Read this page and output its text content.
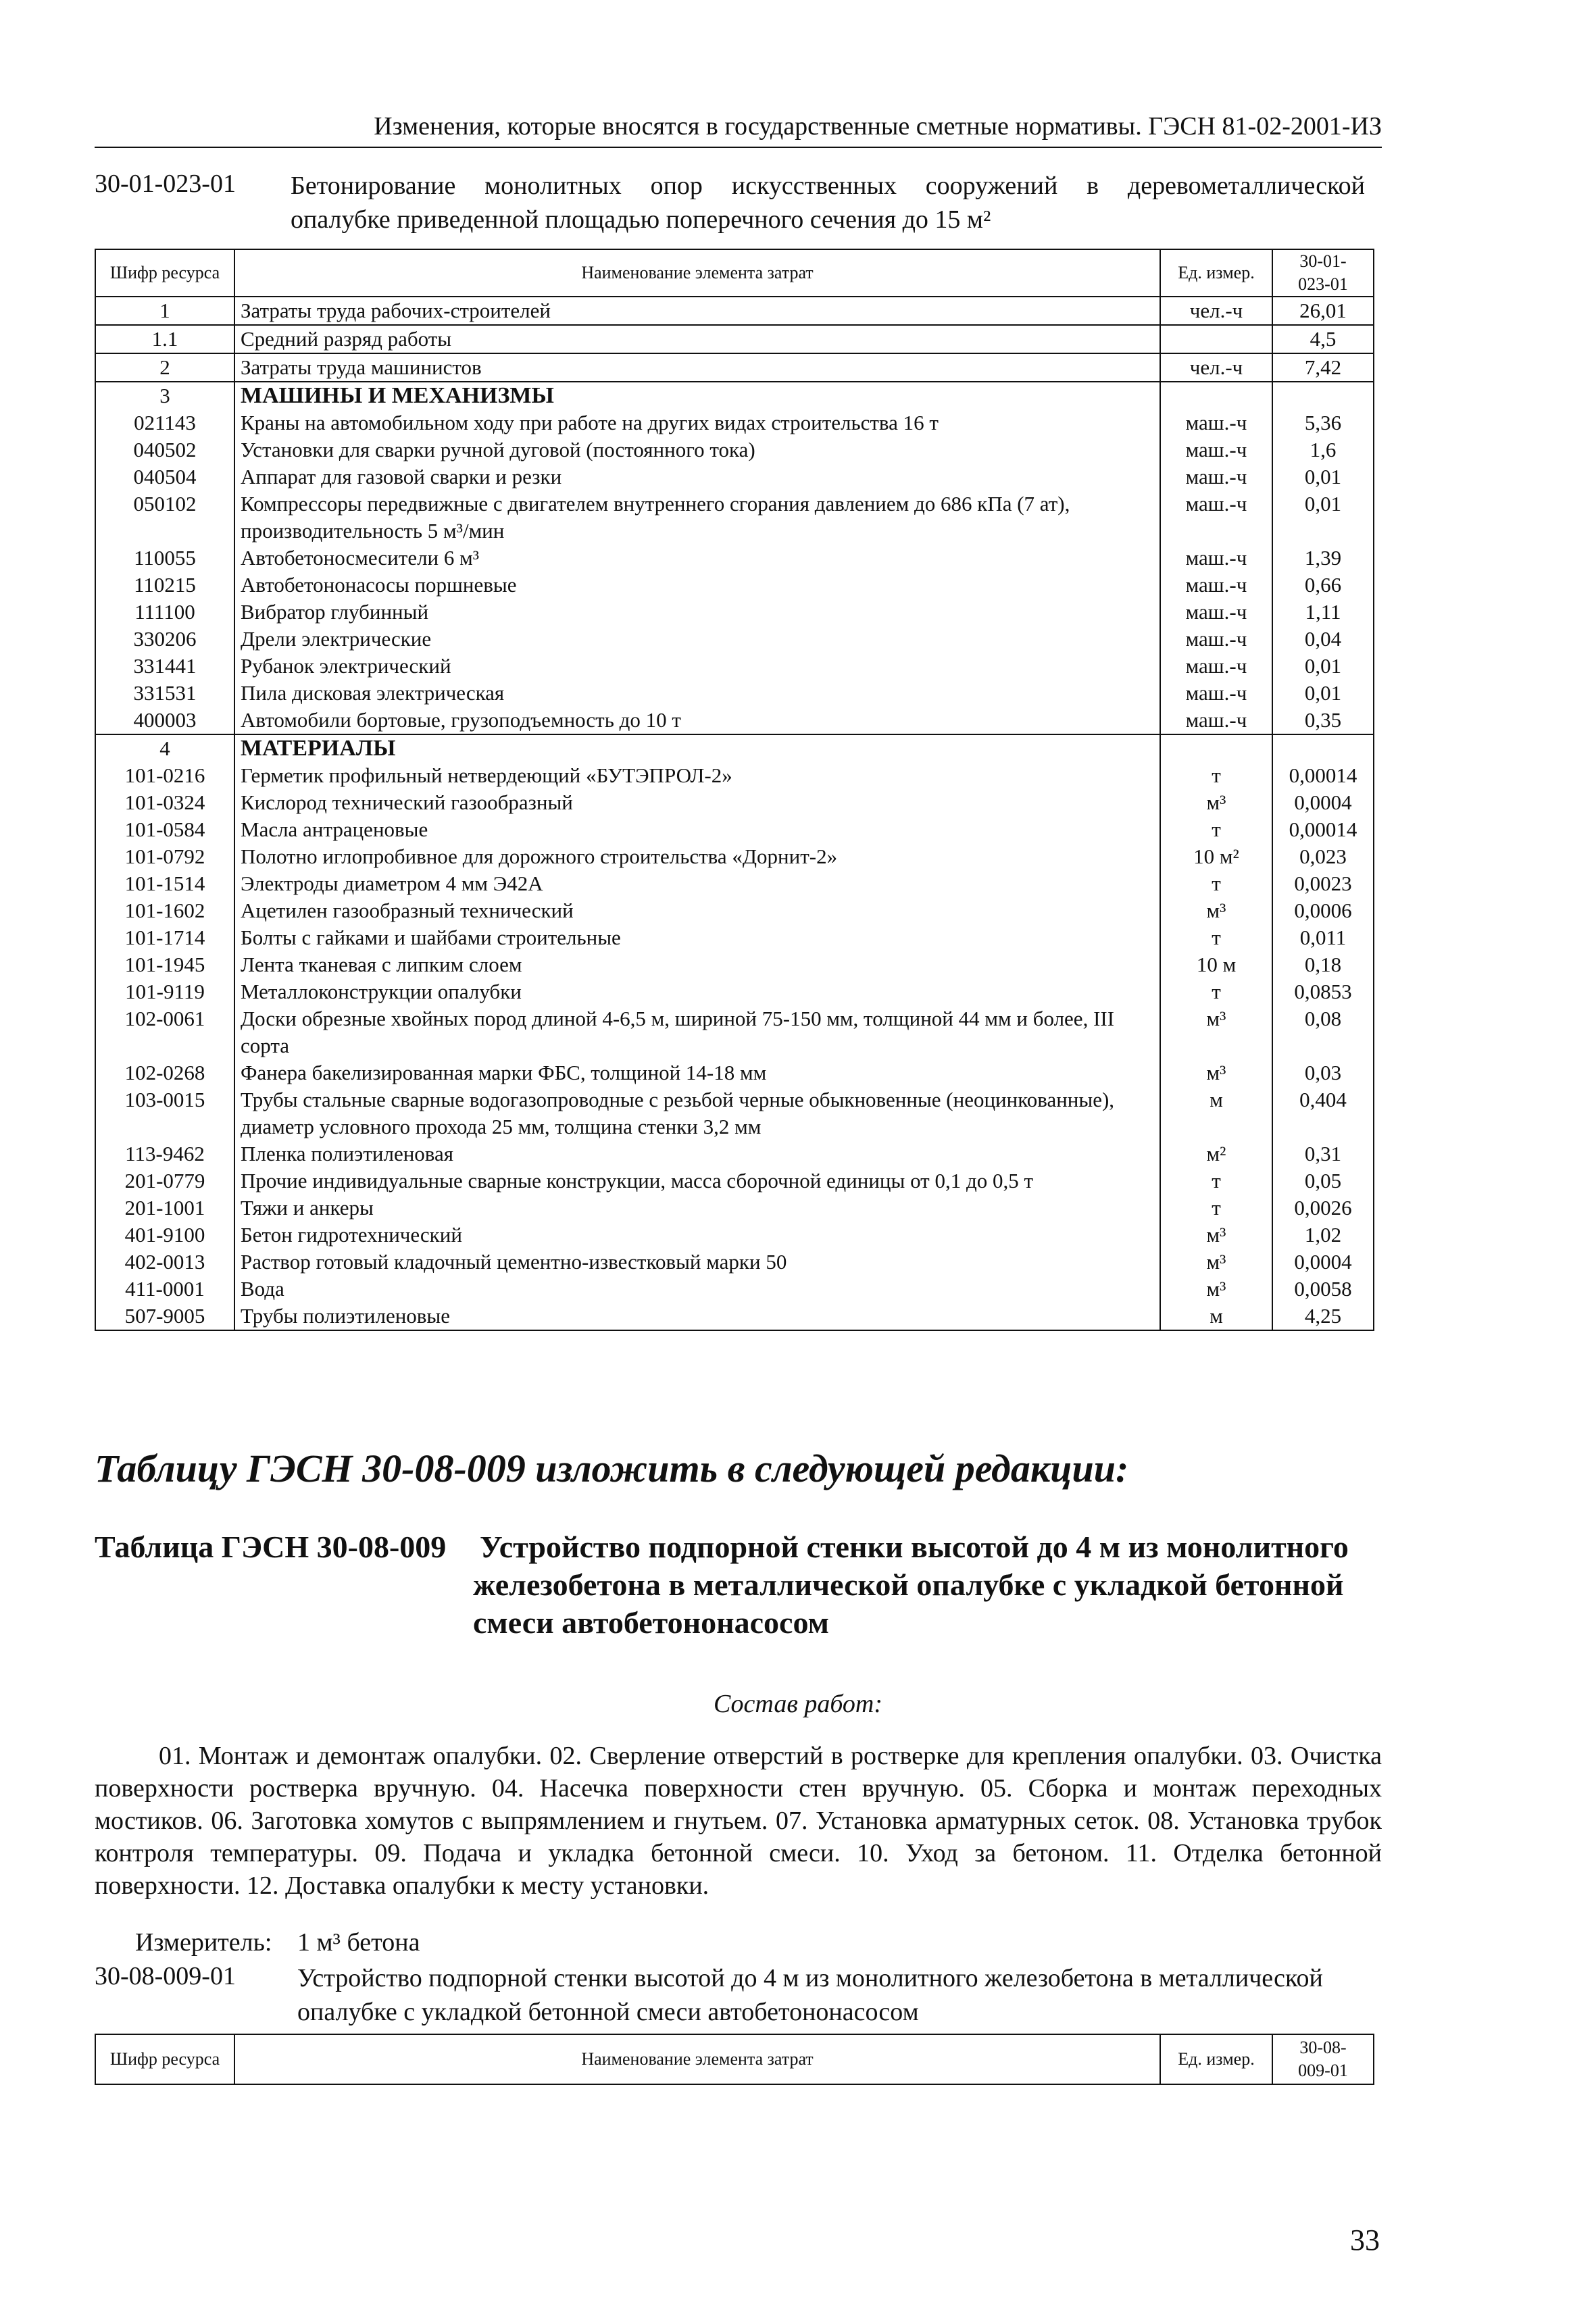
Изменения, которые вносятся в государственные сметные нормативы. ГЭСН 81-02-2001-ИЗ
30-01-023-01 Бетонирование монолитных опор искусственных сооружений в деревометаллической
опалубке приведенной площадью поперечного сечения до 15 м²
Шифр ресурса	Наименование элемента затрат	Ед. измер.	30-01-
023-01
1	Затраты труда рабочих-строителей	чел.-ч	26,01
1.1	Средний разряд работы		4,5
2	Затраты труда машинистов	чел.-ч	7,42
3	МАШИНЫ И МЕХАНИЗМЫ		
021143	Краны на автомобильном ходу при работе на других видах строительства 16 т	маш.-ч	5,36
040502	Установки для сварки ручной дуговой (постоянного тока)	маш.-ч	1,6
040504	Аппарат для газовой сварки и резки	маш.-ч	0,01
050102	Компрессоры передвижные с двигателем внутреннего сгорания давлением до 686 кПа (7 ат), производительность 5 м³/мин	маш.-ч	0,01
110055	Автобетоносмесители 6 м³	маш.-ч	1,39
110215	Автобетононасосы поршневые	маш.-ч	0,66
111100	Вибратор глубинный	маш.-ч	1,11
330206	Дрели электрические	маш.-ч	0,04
331441	Рубанок электрический	маш.-ч	0,01
331531	Пила дисковая электрическая	маш.-ч	0,01
400003	Автомобили бортовые, грузоподъемность до 10 т	маш.-ч	0,35
4	МАТЕРИАЛЫ		
101-0216	Герметик профильный нетвердеющий «БУТЭПРОЛ-2»	т	0,00014
101-0324	Кислород технический газообразный	м³	0,0004
101-0584	Масла антраценовые	т	0,00014
101-0792	Полотно иглопробивное для дорожного строительства «Дорнит-2»	10 м²	0,023
101-1514	Электроды диаметром 4 мм Э42А	т	0,0023
101-1602	Ацетилен газообразный технический	м³	0,0006
101-1714	Болты с гайками и шайбами строительные	т	0,011
101-1945	Лента тканевая с липким слоем	10 м	0,18
101-9119	Металлоконструкции опалубки	т	0,0853
102-0061	Доски обрезные хвойных пород длиной 4-6,5 м, шириной 75-150 мм, толщиной 44 мм и более, III сорта	м³	0,08
102-0268	Фанера бакелизированная марки ФБС, толщиной 14-18 мм	м³	0,03
103-0015	Трубы стальные сварные водогазопроводные с резьбой черные обыкновенные (неоцинкованные), диаметр условного прохода 25 мм, толщина стенки 3,2 мм	м	0,404
113-9462	Пленка полиэтиленовая	м²	0,31
201-0779	Прочие индивидуальные сварные конструкции, масса сборочной единицы от 0,1 до 0,5 т	т	0,05
201-1001	Тяжи и анкеры	т	0,0026
401-9100	Бетон гидротехнический	м³	1,02
402-0013	Раствор готовый кладочный цементно-известковый марки 50	м³	0,0004
411-0001	Вода	м³	0,0058
507-9005	Трубы полиэтиленовые	м	4,25
Таблицу ГЭСН 30-08-009 изложить в следующей редакции:
Таблица ГЭСН 30-08-009 Устройство подпорной стенки высотой до 4 м из монолитного
железобетона в металлической опалубке с укладкой бетонной
смеси автобетононасосом
Состав работ:
01. Монтаж и демонтаж опалубки. 02. Сверление отверстий в ростверке для крепления опалубки. 03. Очистка поверхности ростверка вручную. 04. Насечка поверхности стен вручную. 05. Сборка и монтаж переходных мостиков. 06. Заготовка хомутов с выпрямлением и гнутьем. 07. Установка арматурных сеток. 08. Установка трубок контроля температуры. 09. Подача и укладка бетонной смеси. 10. Уход за бетоном. 11. Отделка бетонной поверхности. 12. Доставка опалубки к месту установки.
Измеритель: 1 м³ бетона
30-08-009-01 Устройство подпорной стенки высотой до 4 м из монолитного железобетона в металлической
опалубке с укладкой бетонной смеси автобетононасосом
Шифр ресурса	Наименование элемента затрат	Ед. измер.	30-08-
009-01
33
